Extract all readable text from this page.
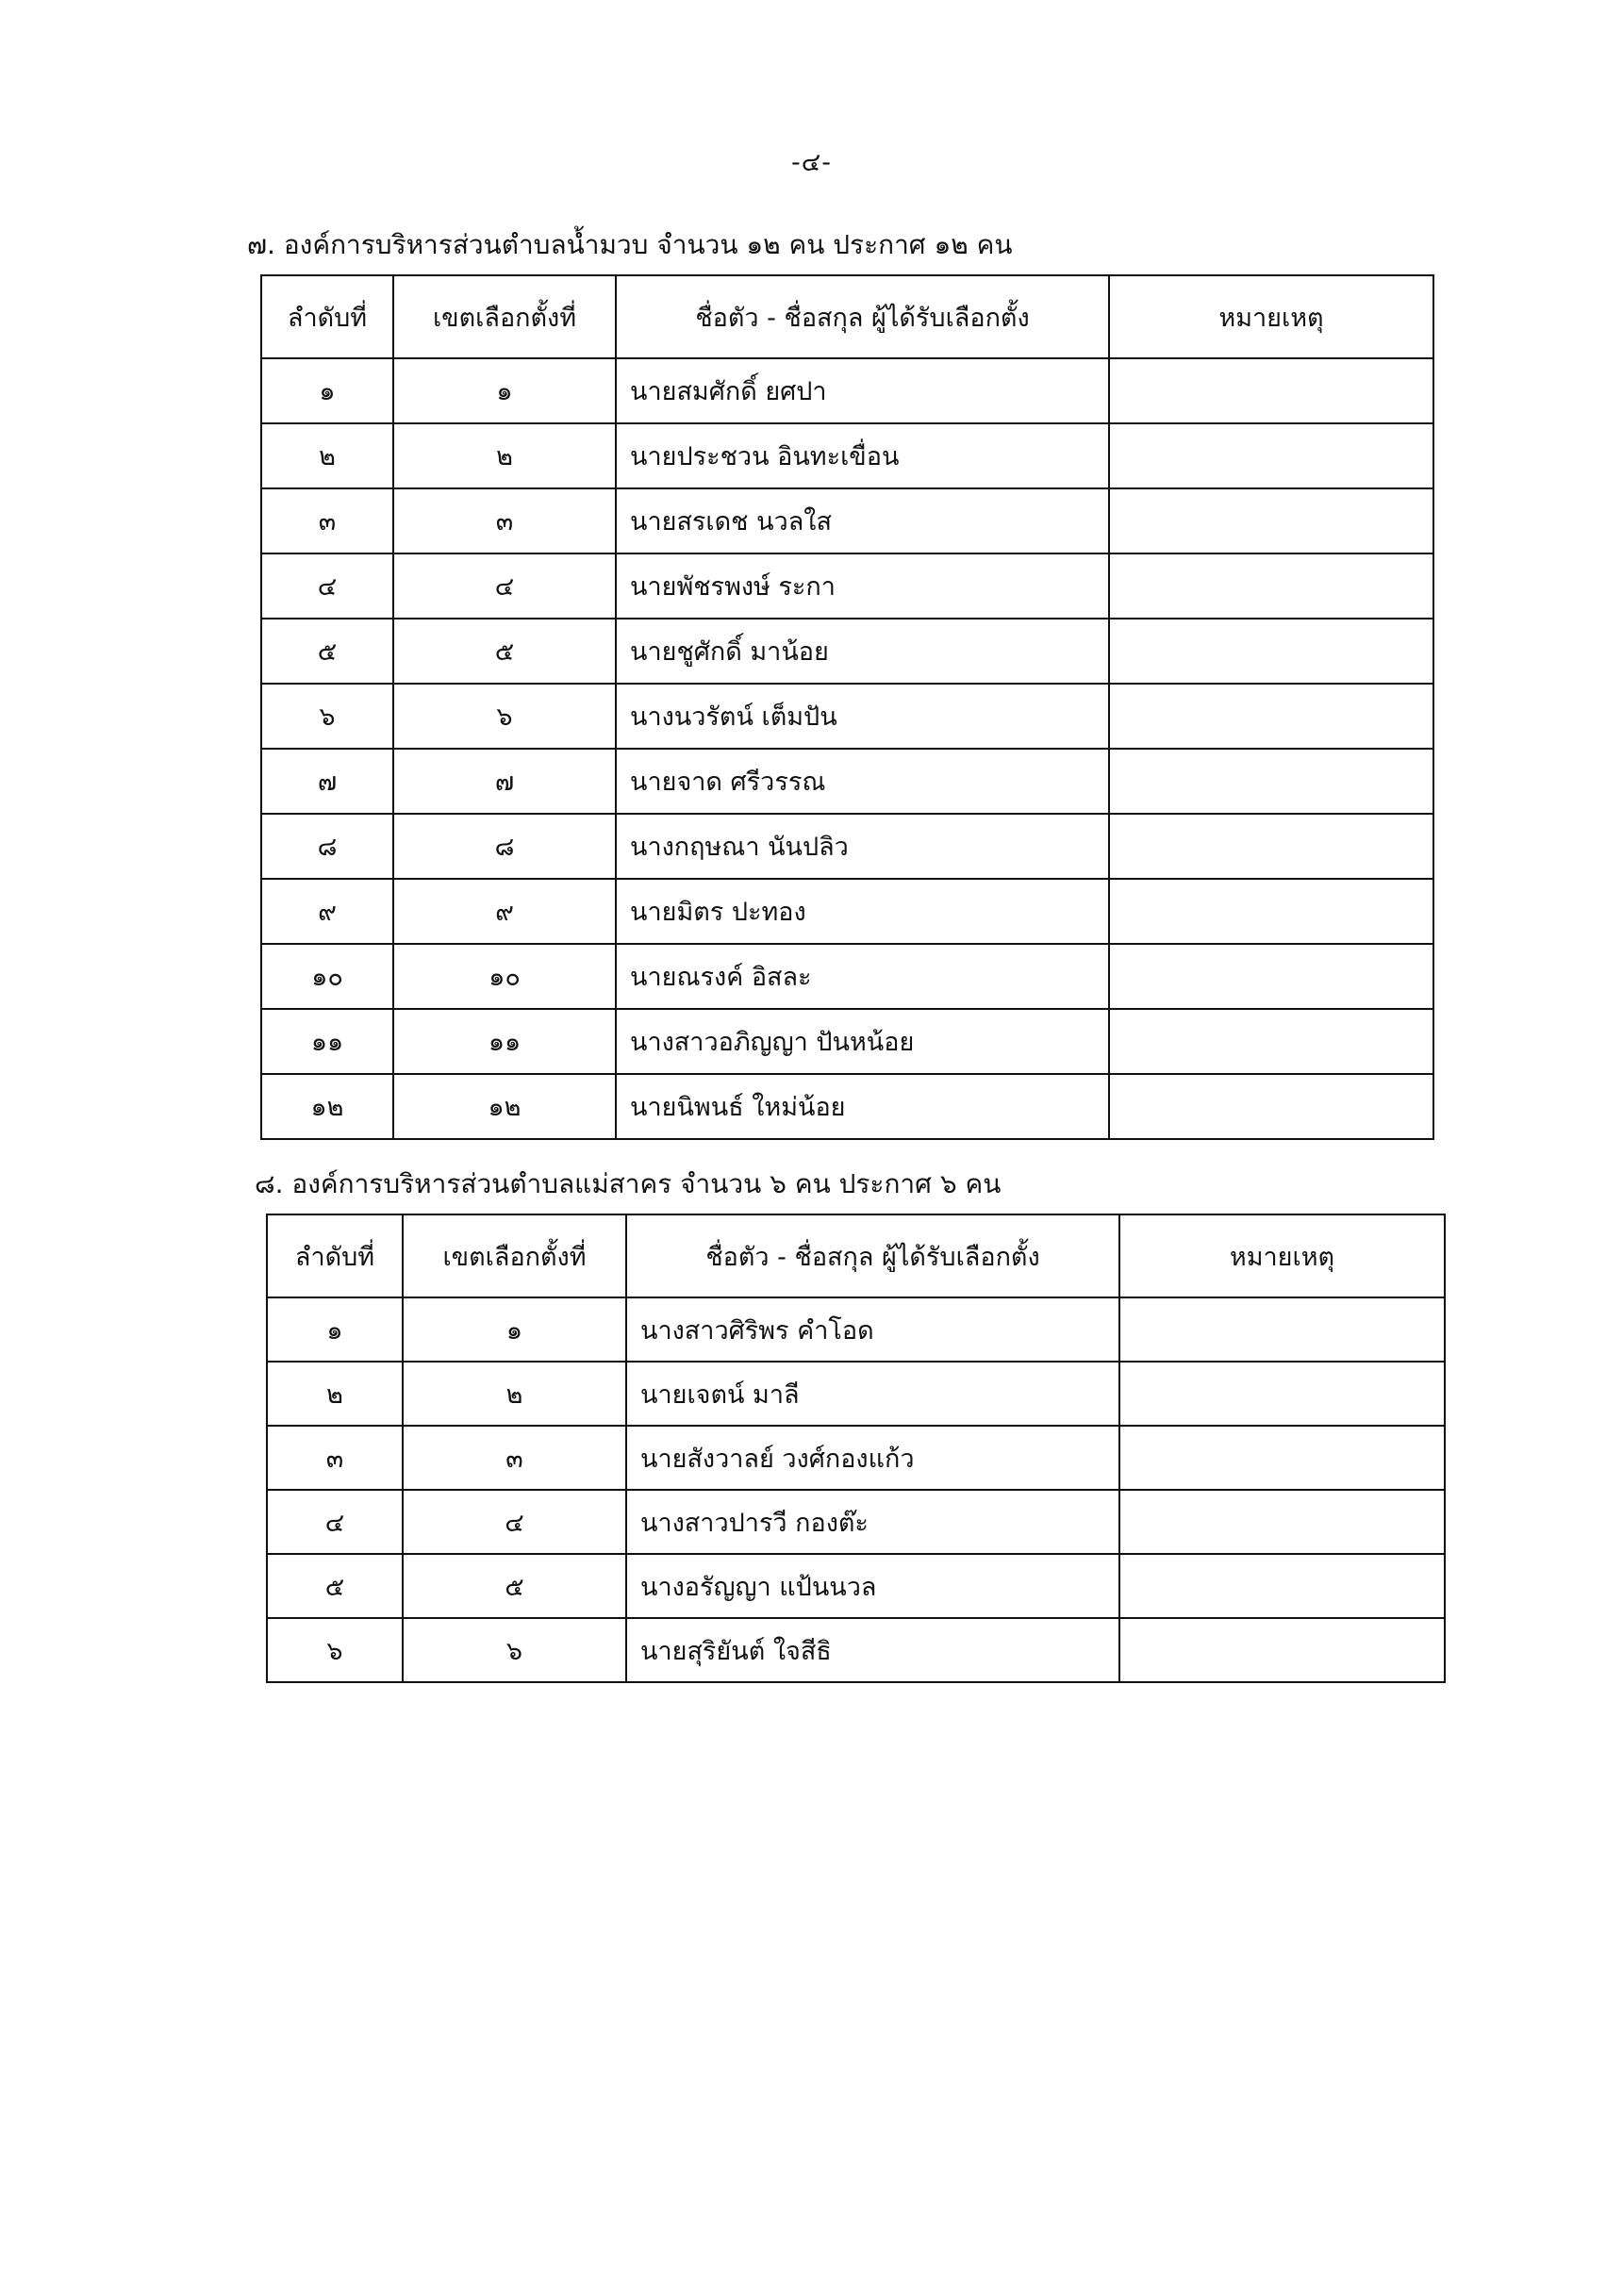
-๔-
๗. องค์การบริหารส่วนตำบลน้ำมวบ จำนวน ๑๒ คน ประกาศ ๑๒ คน
ลำดับที่	เขตเลือกตั้งที่	ชื่อตัว - ชื่อสกุล ผู้ได้รับเลือกตั้ง	หมายเหตุ
๑	๑	นายสมศักดิ์ ยศปา	
๒	๒	นายประชวน อินทะเขื่อน	
๓	๓	นายสรเดช นวลใส	
๔	๔	นายพัชรพงษ์ ระกา	
๕	๕	นายชูศักดิ์ มาน้อย	
๖	๖	นางนวรัตน์ เต็มปัน	
๗	๗	นายจาด ศรีวรรณ	
๘	๘	นางกฤษณา นันปลิว	
๙	๙	นายมิตร ปะทอง	
๑๐	๑๐	นายณรงค์ อิสละ	
๑๑	๑๑	นางสาวอภิญญา ปันหน้อย	
๑๒	๑๒	นายนิพนธ์ ใหม่น้อย	
๘. องค์การบริหารส่วนตำบลแม่สาคร จำนวน ๖ คน ประกาศ ๖ คน
ลำดับที่	เขตเลือกตั้งที่	ชื่อตัว - ชื่อสกุล ผู้ได้รับเลือกตั้ง	หมายเหตุ
๑	๑	นางสาวศิริพร คำโอด	
๒	๒	นายเจตน์ มาลี	
๓	๓	นายสังวาลย์ วงศ์กองแก้ว	
๔	๔	นางสาวปารวี กองต๊ะ	
๕	๕	นางอรัญญา แป้นนวล	
๖	๖	นายสุริยันต์ ใจสีธิ	
